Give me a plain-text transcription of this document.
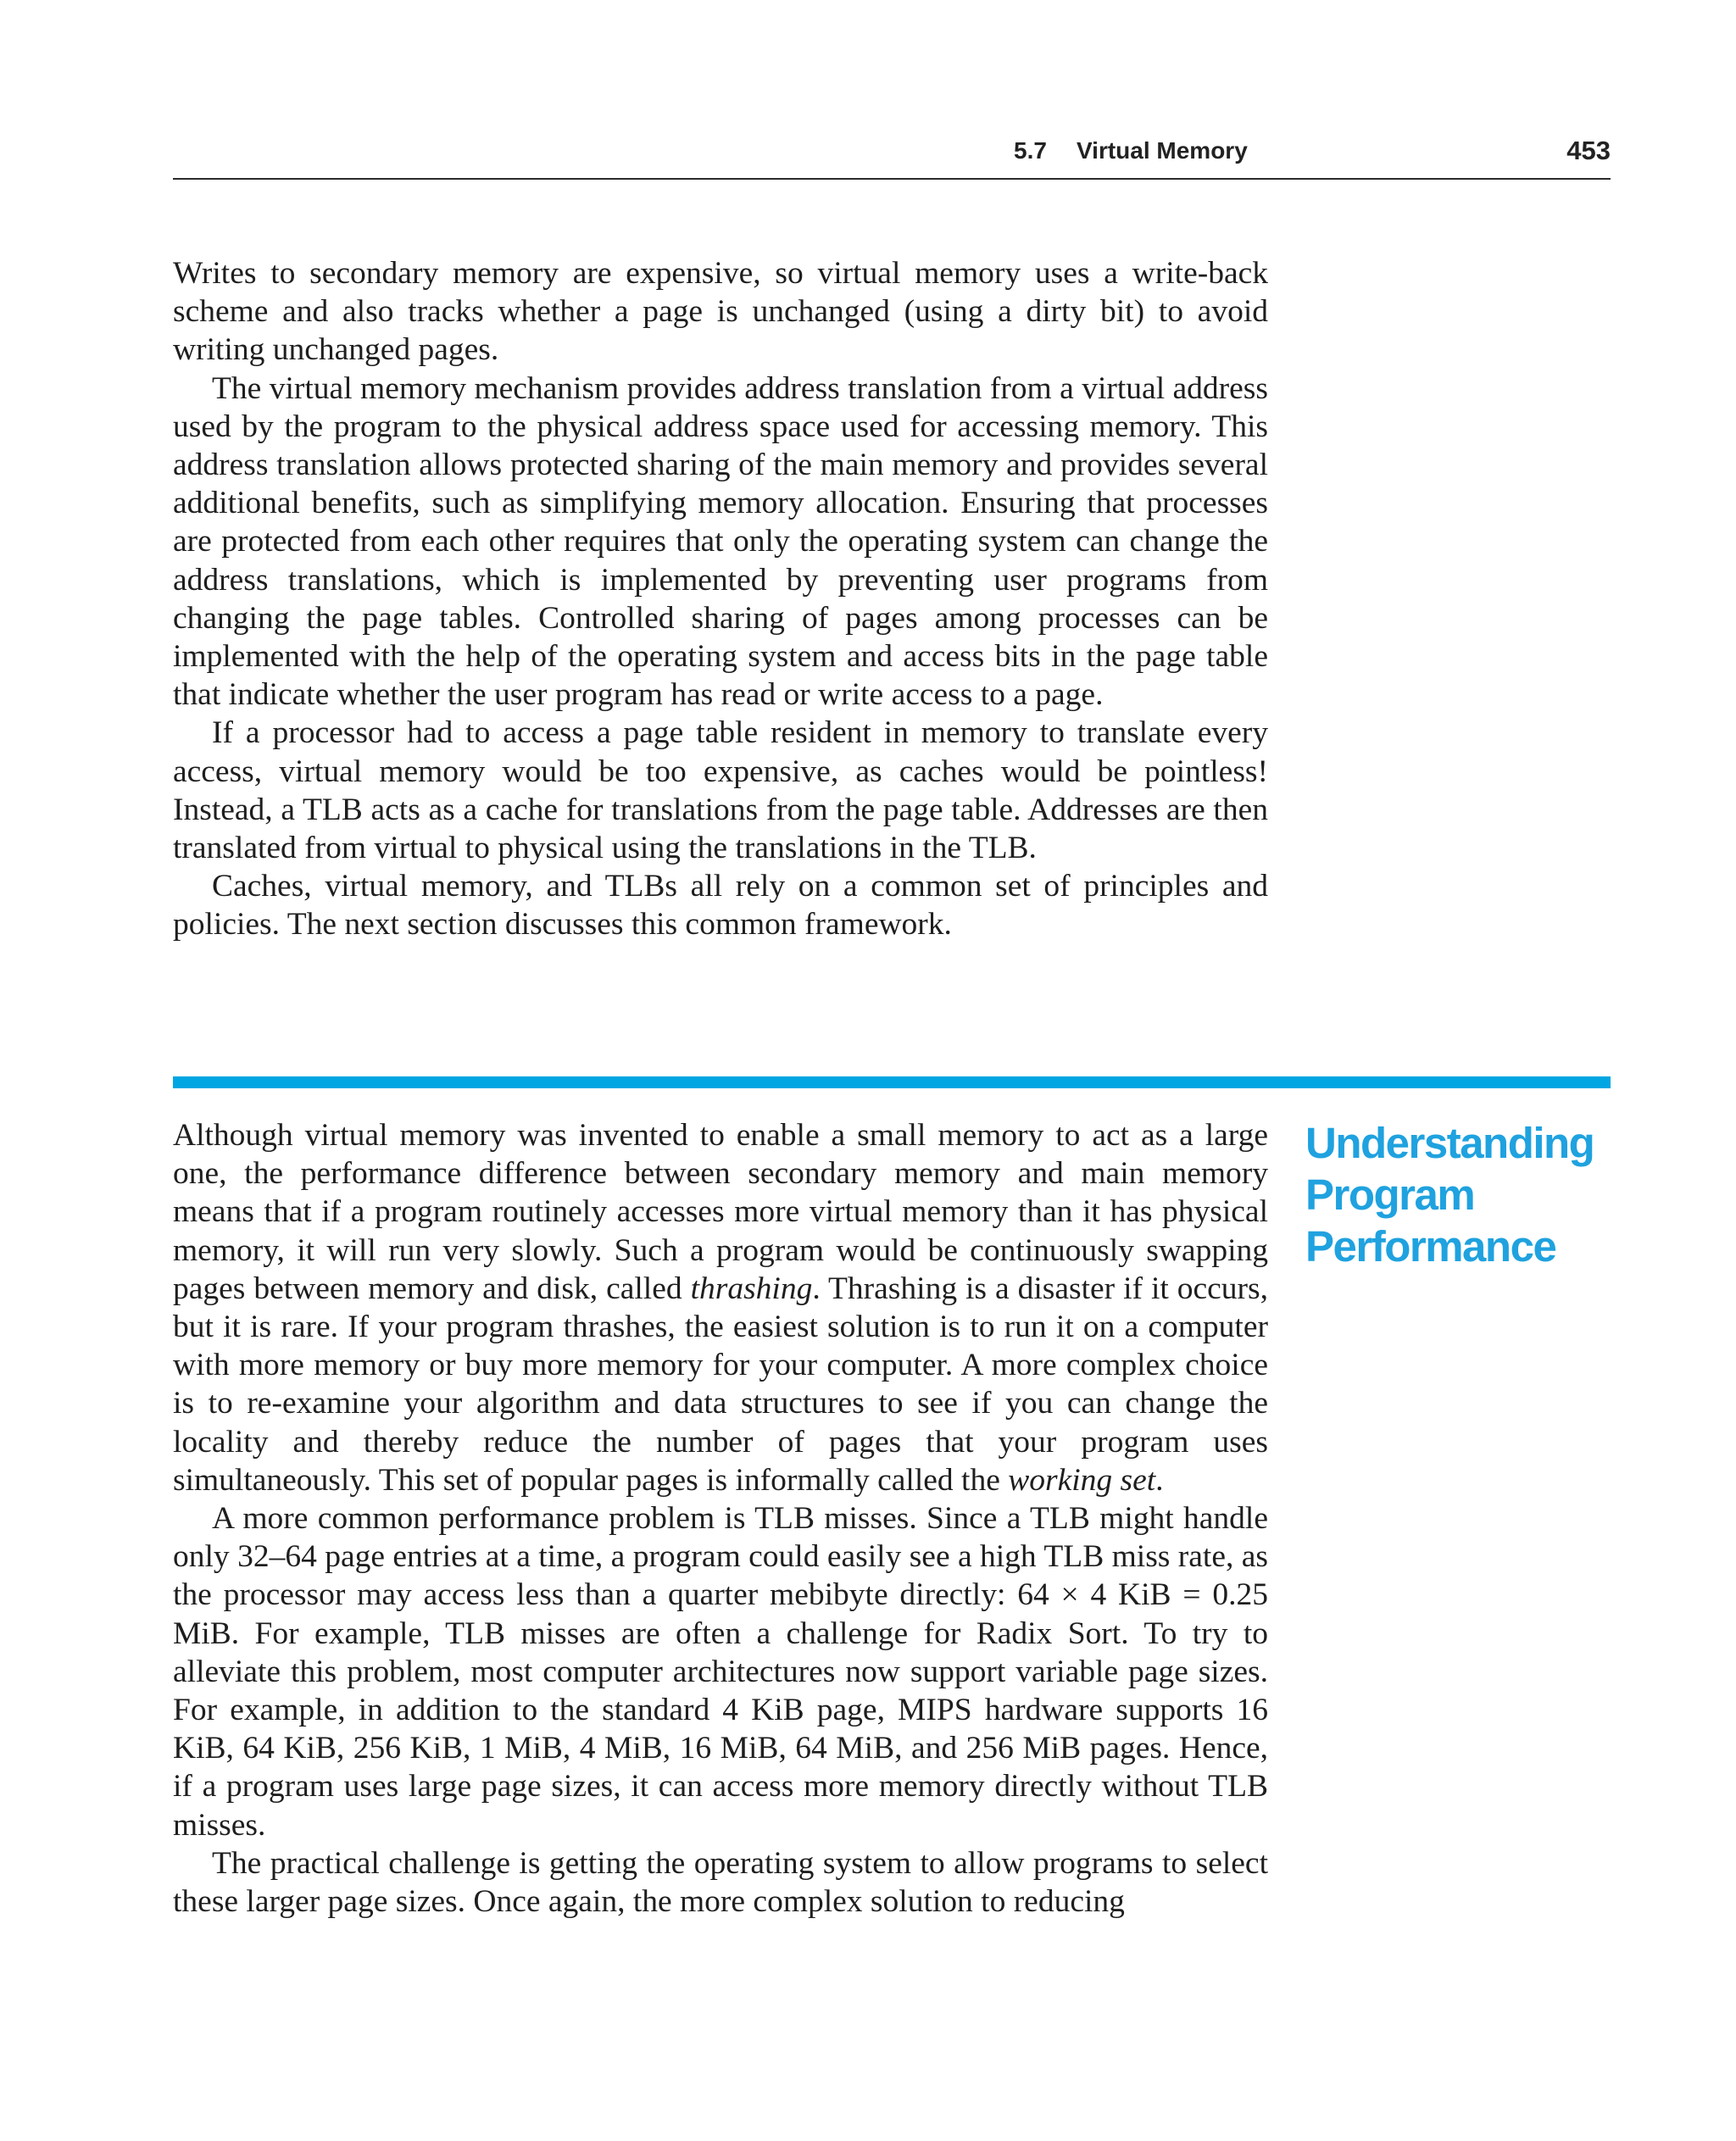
5.7 Virtual Memory	453

Writes to secondary memory are expensive, so virtual memory uses a write-back scheme and also tracks whether a page is unchanged (using a dirty bit) to avoid writing unchanged pages.

The virtual memory mechanism provides address translation from a virtual address used by the program to the physical address space used for accessing memory. This address translation allows protected sharing of the main memory and provides several additional benefits, such as simplifying memory allocation. Ensuring that processes are protected from each other requires that only the operating system can change the address translations, which is implemented by preventing user programs from changing the page tables. Controlled sharing of pages among processes can be implemented with the help of the operating system and access bits in the page table that indicate whether the user program has read or write access to a page.

If a processor had to access a page table resident in memory to translate every access, virtual memory would be too expensive, as caches would be pointless! Instead, a TLB acts as a cache for translations from the page table. Addresses are then translated from virtual to physical using the translations in the TLB.

Caches, virtual memory, and TLBs all rely on a common set of principles and policies. The next section discusses this common framework.

Understanding
Program
Performance

Although virtual memory was invented to enable a small memory to act as a large one, the performance difference between secondary memory and main memory means that if a program routinely accesses more virtual memory than it has physical memory, it will run very slowly. Such a program would be continuously swapping pages between memory and disk, called thrashing. Thrashing is a disaster if it occurs, but it is rare. If your program thrashes, the easiest solution is to run it on a computer with more memory or buy more memory for your computer. A more complex choice is to re-examine your algorithm and data structures to see if you can change the locality and thereby reduce the number of pages that your program uses simultaneously. This set of popular pages is informally called the working set.

A more common performance problem is TLB misses. Since a TLB might handle only 32–64 page entries at a time, a program could easily see a high TLB miss rate, as the processor may access less than a quarter mebibyte directly: 64 × 4 KiB = 0.25 MiB. For example, TLB misses are often a challenge for Radix Sort. To try to alleviate this problem, most computer architectures now support variable page sizes. For example, in addition to the standard 4 KiB page, MIPS hardware supports 16 KiB, 64 KiB, 256 KiB, 1 MiB, 4 MiB, 16 MiB, 64 MiB, and 256 MiB pages. Hence, if a program uses large page sizes, it can access more memory directly without TLB misses.

The practical challenge is getting the operating system to allow programs to select these larger page sizes. Once again, the more complex solution to reducing
